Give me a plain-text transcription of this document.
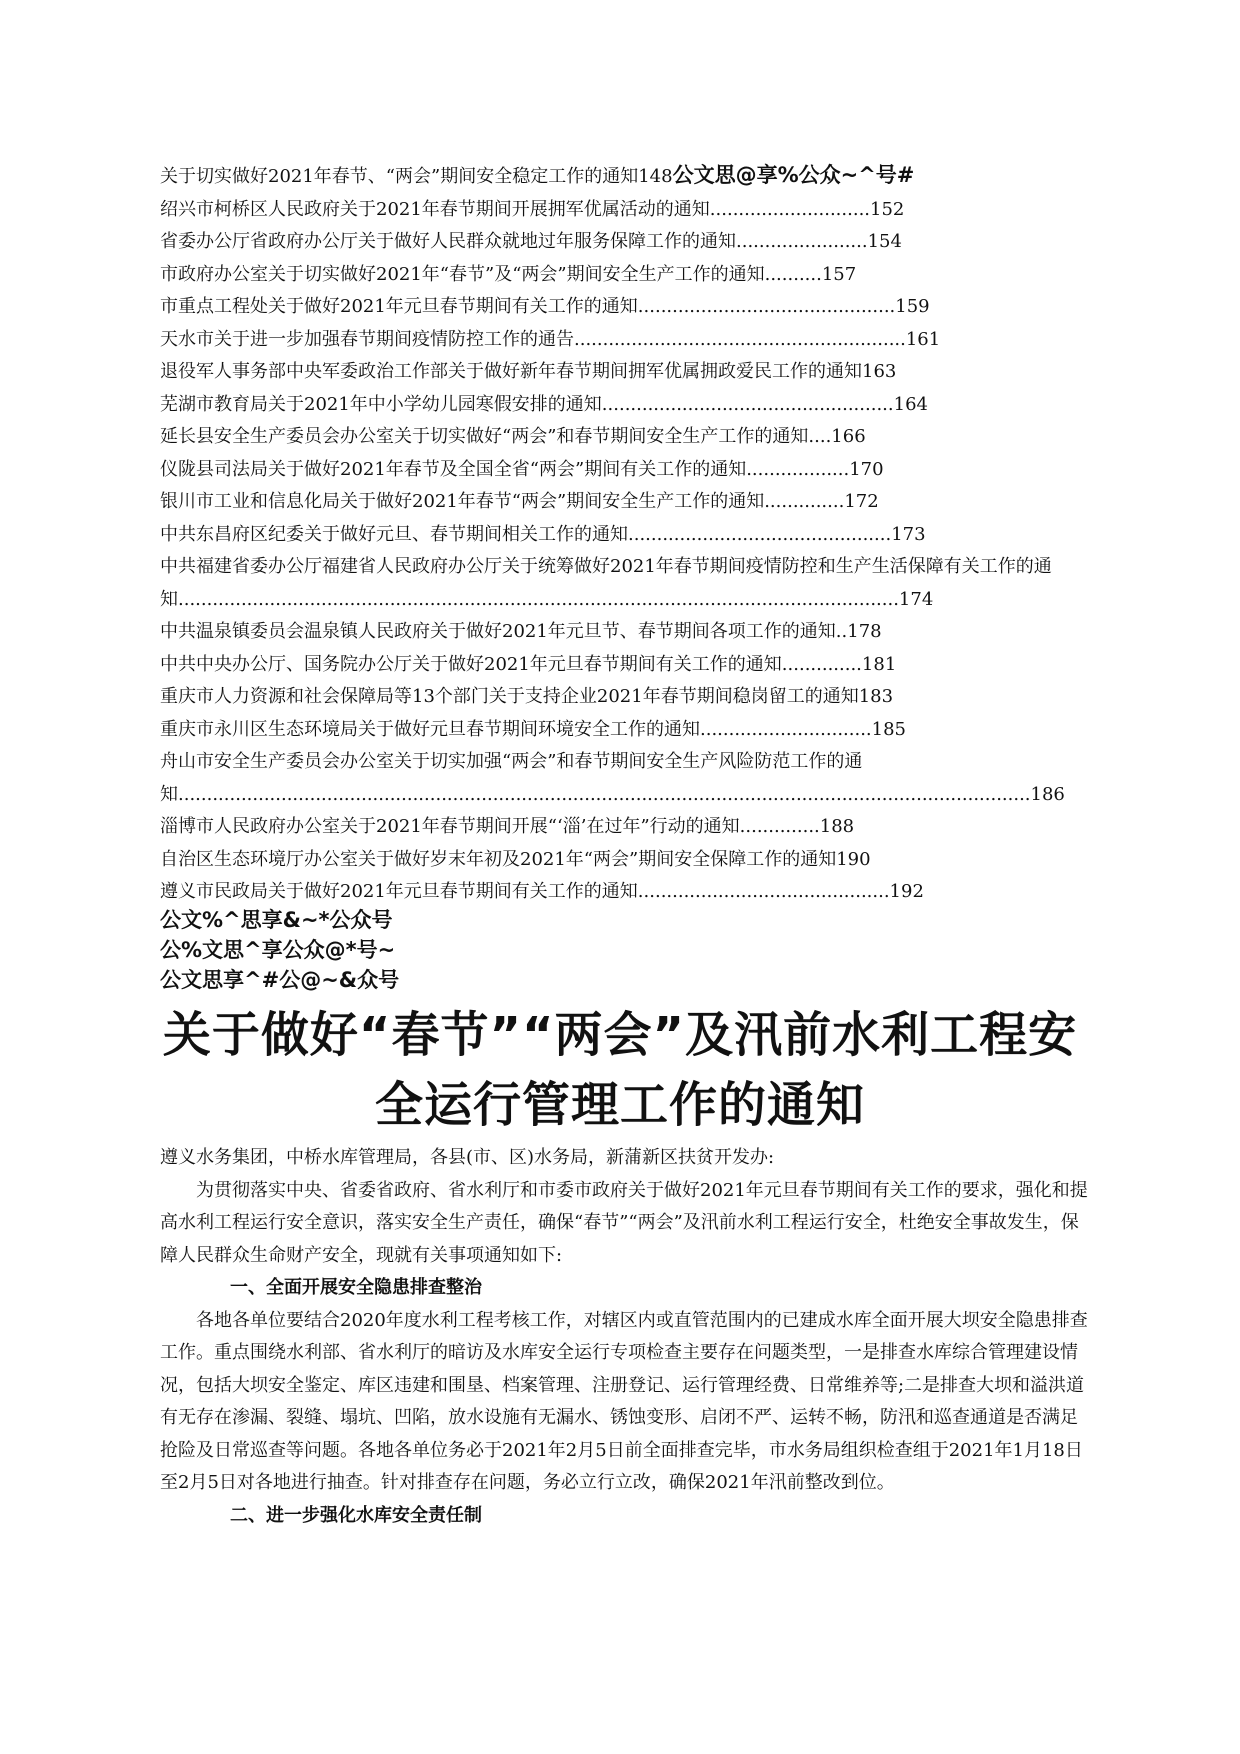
关于切实做好2021年春节、“两会”期间安全稳定工作的通知148公文思@享%公众~^号#
绍兴市柯桥区人民政府关于2021年春节期间开展拥军优属活动的通知............................152
省委办公厅省政府办公厅关于做好人民群众就地过年服务保障工作的通知.......................154
市政府办公室关于切实做好2021年“春节”及“两会”期间安全生产工作的通知..........157
市重点工程处关于做好2021年元旦春节期间有关工作的通知.............................................159
天水市关于进一步加强春节期间疫情防控工作的通告..........................................................161
退役军人事务部中央军委政治工作部关于做好新年春节期间拥军优属拥政爱民工作的通知163
芜湖市教育局关于2021年中小学幼儿园寒假安排的通知...................................................164
延长县安全生产委员会办公室关于切实做好“两会”和春节期间安全生产工作的通知....166
仪陇县司法局关于做好2021年春节及全国全省“两会”期间有关工作的通知..................170
银川市工业和信息化局关于做好2021年春节“两会”期间安全生产工作的通知..............172
中共东昌府区纪委关于做好元旦、春节期间相关工作的通知..............................................173
中共福建省委办公厅福建省人民政府办公厅关于统筹做好2021年春节期间疫情防控和生产生活保障有关工作的通知..............................................................................................................................174
中共温泉镇委员会温泉镇人民政府关于做好2021年元旦节、春节期间各项工作的通知..178
中共中央办公厅、国务院办公厅关于做好2021年元旦春节期间有关工作的通知..............181
重庆市人力资源和社会保障局等13个部门关于支持企业2021年春节期间稳岗留工的通知183
重庆市永川区生态环境局关于做好元旦春节期间环境安全工作的通知..............................185
舟山市安全生产委员会办公室关于切实加强“两会”和春节期间安全生产风险防范工作的通知.....................................................................................................................................................186
淄博市人民政府办公室关于2021年春节期间开展“‘淄’在过年”行动的通知..............188
自治区生态环境厅办公室关于做好岁末年初及2021年“两会”期间安全保障工作的通知190
遵义市民政局关于做好2021年元旦春节期间有关工作的通知............................................192
公文%^思享&~*公众号
公%文思^享公众@*号~
公文思享^#公@~&众号
关于做好“春节”“两会”及汛前水利工程安
全运行管理工作的通知

遵义水务集团，中桥水库管理局，各县(市、区)水务局，新蒲新区扶贫开发办:

为贯彻落实中央、省委省政府、省水利厅和市委市政府关于做好2021年元旦春节期间有关工作的要求，强化和提高水利工程运行安全意识，落实安全生产责任，确保“春节”“两会”及汛前水利工程运行安全，杜绝安全事故发生，保障人民群众生命财产安全，现就有关事项通知如下:

一、全面开展安全隐患排查整治

各地各单位要结合2020年度水利工程考核工作，对辖区内或直管范围内的已建成水库全面开展大坝安全隐患排查工作。重点围绕水利部、省水利厅的暗访及水库安全运行专项检查主要存在问题类型，一是排查水库综合管理建设情况，包括大坝安全鉴定、库区违建和围垦、档案管理、注册登记、运行管理经费、日常维养等;二是排查大坝和溢洪道有无存在渗漏、裂缝、塌坑、凹陷，放水设施有无漏水、锈蚀变形、启闭不严、运转不畅，防汛和巡查通道是否满足抢险及日常巡查等问题。各地各单位务必于2021年2月5日前全面排查完毕，市水务局组织检查组于2021年1月18日至2月5日对各地进行抽查。针对排查存在问题，务必立行立改，确保2021年汛前整改到位。

二、进一步强化水库安全责任制
